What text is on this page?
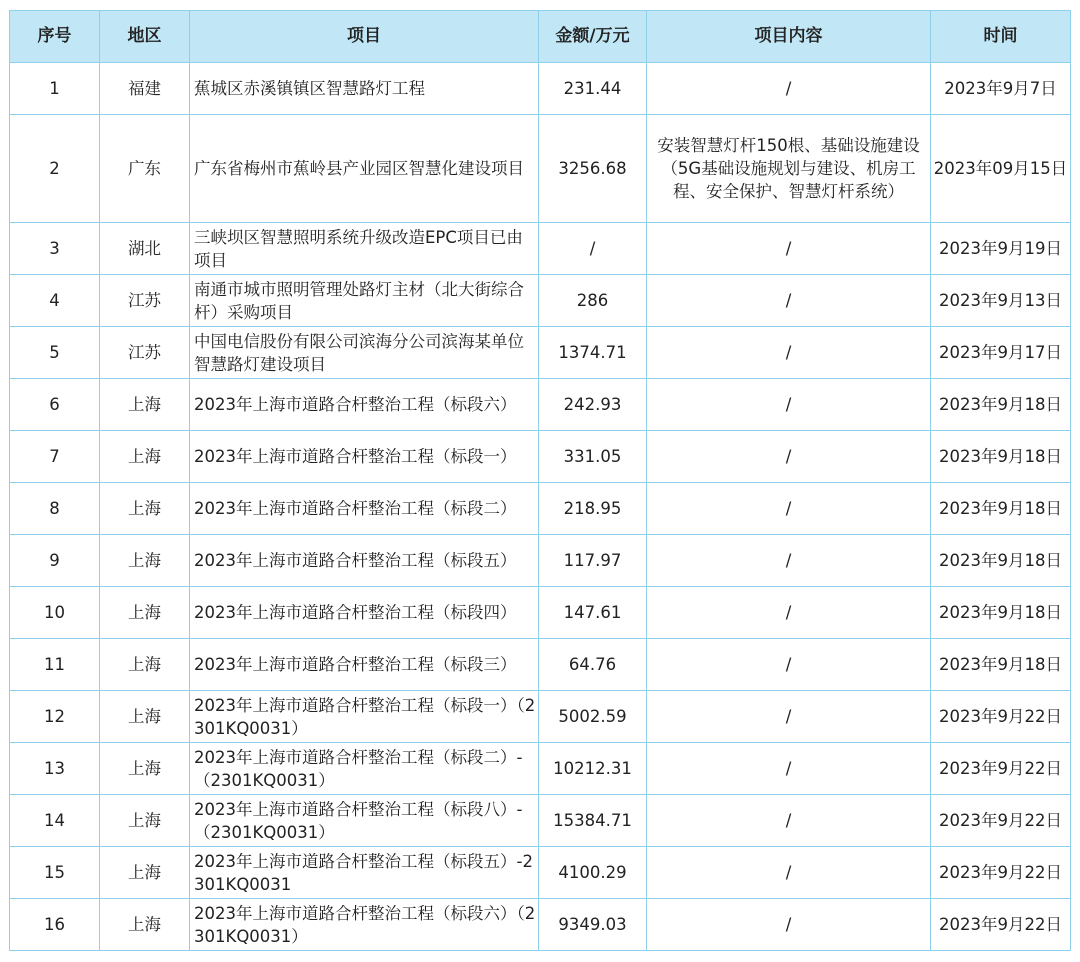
序号	地区	项目	金额/万元	项目内容	时间
1	福建	蕉城区赤溪镇镇区智慧路灯工程	231.44	/	2023年9月7日
2	广东	广东省梅州市蕉岭县产业园区智慧化建设项目	3256.68	安装智慧灯杆150根、基础设施建设（5G基础设施规划与建设、机房工程、安全保护、智慧灯杆系统）	2023年09月15日
3	湖北	三峡坝区智慧照明系统升级改造EPC项目已由项目	/	/	2023年9月19日
4	江苏	南通市城市照明管理处路灯主材（北大街综合杆）采购项目	286	/	2023年9月13日
5	江苏	中国电信股份有限公司滨海分公司滨海某单位智慧路灯建设项目	1374.71	/	2023年9月17日
6	上海	2023年上海市道路合杆整治工程（标段六）	242.93	/	2023年9月18日
7	上海	2023年上海市道路合杆整治工程（标段一）	331.05	/	2023年9月18日
8	上海	2023年上海市道路合杆整治工程（标段二）	218.95	/	2023年9月18日
9	上海	2023年上海市道路合杆整治工程（标段五）	117.97	/	2023年9月18日
10	上海	2023年上海市道路合杆整治工程（标段四）	147.61	/	2023年9月18日
11	上海	2023年上海市道路合杆整治工程（标段三）	64.76	/	2023年9月18日
12	上海	2023年上海市道路合杆整治工程（标段一）（2301KQ0031）	5002.59	/	2023年9月22日
13	上海	2023年上海市道路合杆整治工程（标段二）-（2301KQ0031）	10212.31	/	2023年9月22日
14	上海	2023年上海市道路合杆整治工程（标段八）-（2301KQ0031）	15384.71	/	2023年9月22日
15	上海	2023年上海市道路合杆整治工程（标段五）-2301KQ0031	4100.29	/	2023年9月22日
16	上海	2023年上海市道路合杆整治工程（标段六）（2301KQ0031）	9349.03	/	2023年9月22日
